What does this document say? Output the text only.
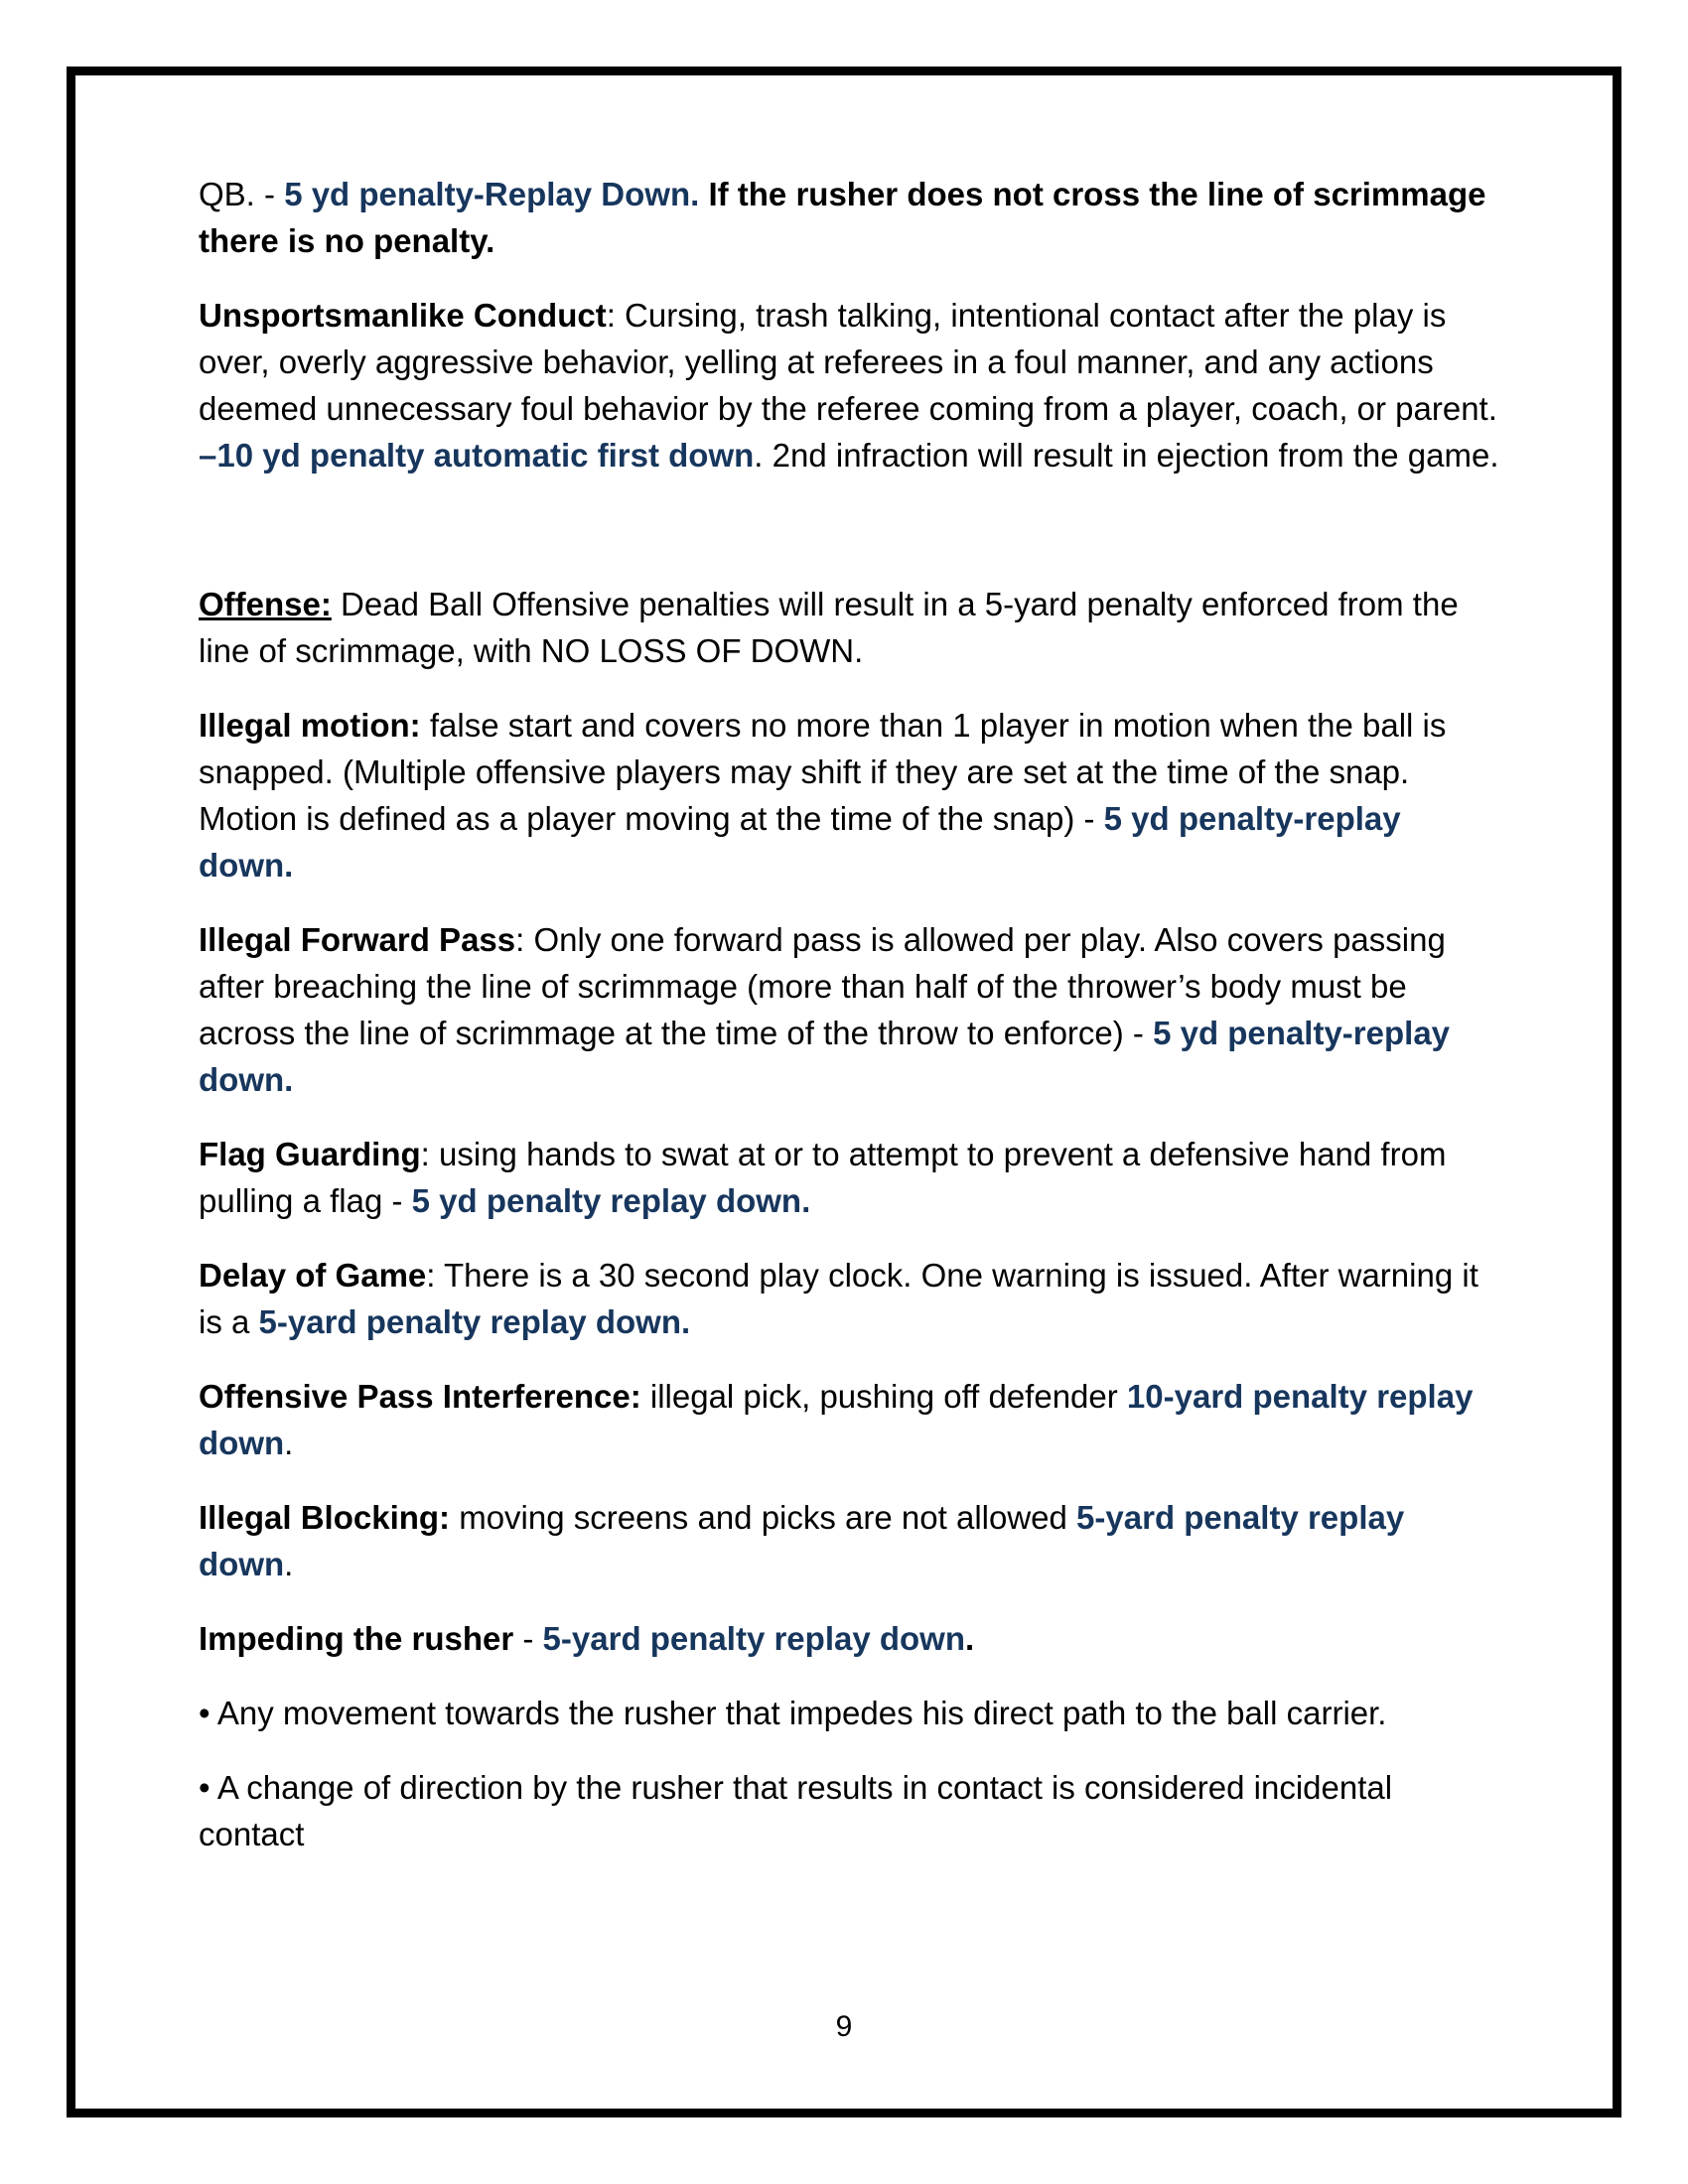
QB. - 5 yd penalty-Replay Down. If the rusher does not cross the line of scrimmage there is no penalty.

Unsportsmanlike Conduct: Cursing, trash talking, intentional contact after the play is over, overly aggressive behavior, yelling at referees in a foul manner, and any actions deemed unnecessary foul behavior by the referee coming from a player, coach, or parent. –10 yd penalty automatic first down. 2nd infraction will result in ejection from the game.

Offense: Dead Ball Offensive penalties will result in a 5-yard penalty enforced from the line of scrimmage, with NO LOSS OF DOWN.

Illegal motion: false start and covers no more than 1 player in motion when the ball is snapped. (Multiple offensive players may shift if they are set at the time of the snap. Motion is defined as a player moving at the time of the snap) - 5 yd penalty-replay down.

Illegal Forward Pass: Only one forward pass is allowed per play. Also covers passing after breaching the line of scrimmage (more than half of the thrower’s body must be across the line of scrimmage at the time of the throw to enforce) - 5 yd penalty-replay down.

Flag Guarding: using hands to swat at or to attempt to prevent a defensive hand from pulling a flag - 5 yd penalty replay down.

Delay of Game: There is a 30 second play clock. One warning is issued. After warning it is a 5-yard penalty replay down.

Offensive Pass Interference: illegal pick, pushing off defender 10-yard penalty replay down.

Illegal Blocking: moving screens and picks are not allowed 5-yard penalty replay down.

Impeding the rusher - 5-yard penalty replay down.

• Any movement towards the rusher that impedes his direct path to the ball carrier.

• A change of direction by the rusher that results in contact is considered incidental contact

9
